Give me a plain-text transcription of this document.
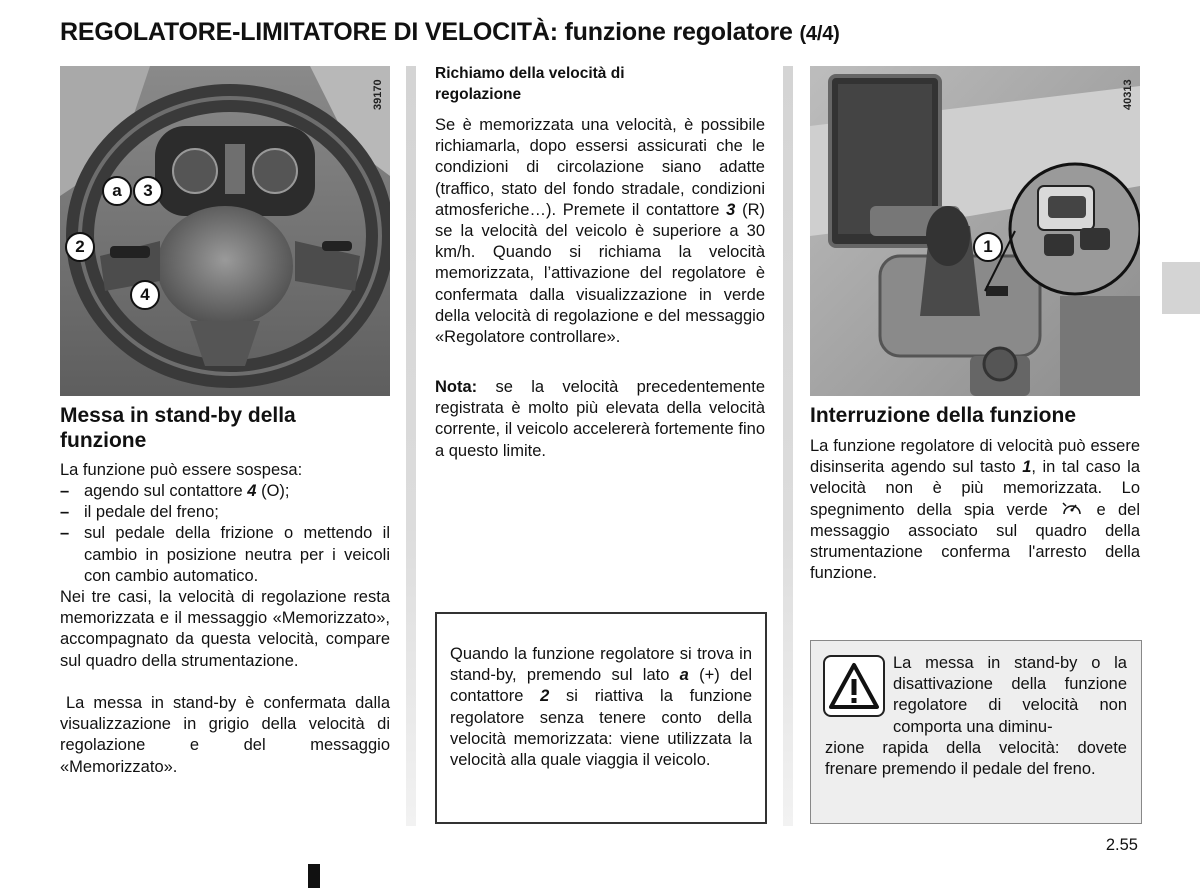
REGOLATORE-LIMITATORE DI VELOCITÀ: funzione regolatore (4/4)
39170
a	3
2
4
Messa in stand-by della funzione

La funzione può essere sospesa:

– agendo sul contattore 4 (O);
– il pedale del freno;
– sul pedale della frizione o mettendo il cambio in posizione neutra per i veicoli con cambio automatico.

Nei tre casi, la velocità di regolazione resta memorizzata e il messaggio «Memorizzato», accompagnato da questa velocità, compare sul quadro della strumentazione.

La messa in stand-by è confermata dalla visualizzazione in grigio della velocità di regolazione e del messaggio «Memorizzato».

Richiamo della velocità di regolazione

Se è memorizzata una velocità, è possibile richiamarla, dopo essersi assicurati che le condizioni di circolazione siano adatte (traffico, stato del fondo stradale, condizioni atmosferiche…). Premete il contattore 3 (R) se la velocità del veicolo è superiore a 30 km/h. Quando si richiama la velocità memorizzata, l’attivazione del regolatore è confermata dalla visualizzazione in verde della velocità di regolazione e del messaggio «Regolatore controllare».

Nota: se la velocità precedentemente registrata è molto più elevata della velocità corrente, il veicolo accelererà fortemente fino a questo limite.

Quando la funzione regolatore si trova in stand-by, premendo sul lato a (+) del contattore 2 si riattiva la funzione regolatore senza tenere conto della velocità memorizzata: viene utilizzata la velocità alla quale viaggia il veicolo.

40313
1
Interruzione della funzione

La funzione regolatore di velocità può essere disinserita agendo sul tasto 1, in tal caso la velocità non è più memorizzata. Lo spegnimento della spia verde  e del messaggio associato sul quadro della strumentazione conferma l'arresto della funzione.

La messa in stand-by o la disattivazione della funzione regolatore di velocità non comporta una diminu-

zione rapida della velocità: dovete frenare premendo il pedale del freno.

2.55
